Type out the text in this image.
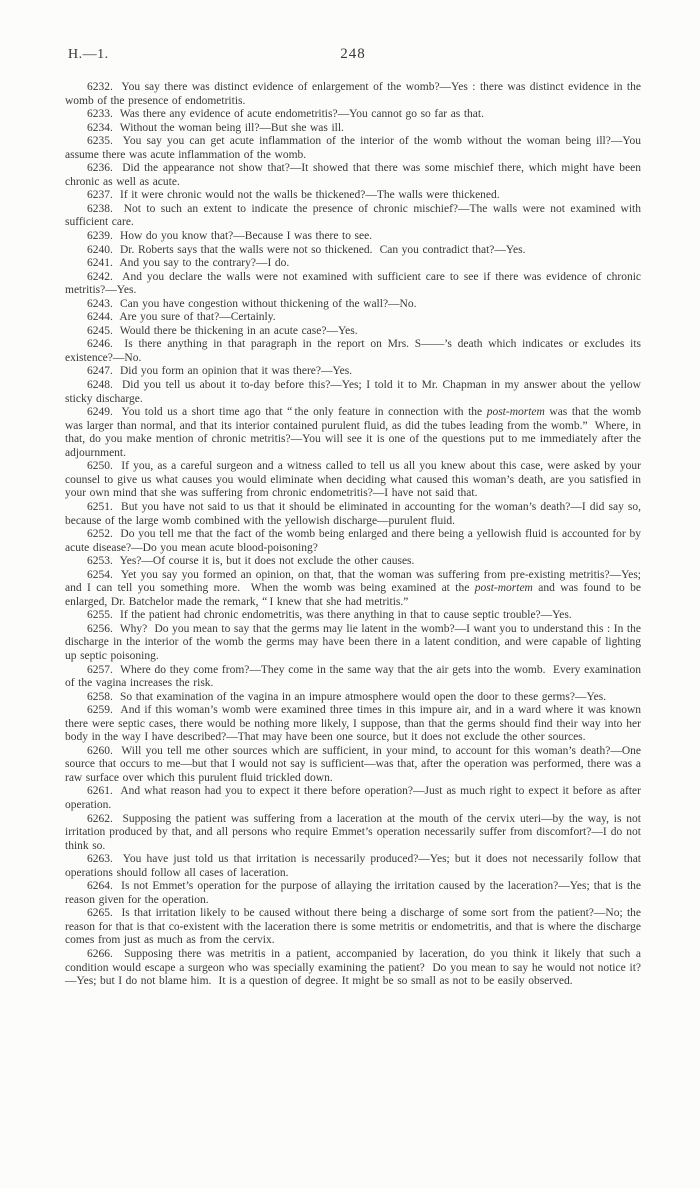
H.—1.	248

6232.  You say there was distinct evidence of enlargement of the womb?—Yes : there was distinct evidence in the womb of the presence of endometritis.

6233.  Was there any evidence of acute endometritis?—You cannot go so far as that.

6234.  Without the woman being ill?—But she was ill.

6235.  You say you can get acute inflammation of the interior of the womb without the woman being ill?—You assume there was acute inflammation of the womb.

6236.  Did the appearance not show that?—It showed that there was some mischief there, which might have been chronic as well as acute.

6237.  If it were chronic would not the walls be thickened?—The walls were thickened.

6238.  Not to such an extent to indicate the presence of chronic mischief?—The walls were not examined with sufficient care.

6239.  How do you know that?—Because I was there to see.

6240.  Dr. Roberts says that the walls were not so thickened.  Can you contradict that?—Yes.

6241.  And you say to the contrary?—I do.

6242.  And you declare the walls were not examined with sufficient care to see if there was evidence of chronic metritis?—Yes.

6243.  Can you have congestion without thickening of the wall?—No.

6244.  Are you sure of that?—Certainly.

6245.  Would there be thickening in an acute case?—Yes.

6246.  Is there anything in that paragraph in the report on Mrs. S——’s death which indicates or excludes its existence?—No.

6247.  Did you form an opinion that it was there?—Yes.

6248.  Did you tell us about it to-day before this?—Yes; I told it to Mr. Chapman in my answer about the yellow sticky discharge.

6249.  You told us a short time ago that “ the only feature in connection with the post-mortem was that the womb was larger than normal, and that its interior contained purulent fluid, as did the tubes leading from the womb.”  Where, in that, do you make mention of chronic metritis?—You will see it is one of the questions put to me immediately after the adjournment.

6250.  If you, as a careful surgeon and a witness called to tell us all you knew about this case, were asked by your counsel to give us what causes you would eliminate when deciding what caused this woman’s death, are you satisfied in your own mind that she was suffering from chronic endometritis?—I have not said that.

6251.  But you have not said to us that it should be eliminated in accounting for the woman’s death?—I did say so, because of the large womb combined with the yellowish discharge—purulent fluid.

6252.  Do you tell me that the fact of the womb being enlarged and there being a yellowish fluid is accounted for by acute disease?—Do you mean acute blood-poisoning?

6253.  Yes?—Of course it is, but it does not exclude the other causes.

6254.  Yet you say you formed an opinion, on that, that the woman was suffering from pre-existing metritis?—Yes; and I can tell you something more.  When the womb was being examined at the post-mortem and was found to be enlarged, Dr. Batchelor made the remark, “ I knew that she had metritis.”

6255.  If the patient had chronic endometritis, was there anything in that to cause septic trouble?—Yes.

6256.  Why?  Do you mean to say that the germs may lie latent in the womb?—I want you to understand this : In the discharge in the interior of the womb the germs may have been there in a latent condition, and were capable of lighting up septic poisoning.

6257.  Where do they come from?—They come in the same way that the air gets into the womb.  Every examination of the vagina increases the risk.

6258.  So that examination of the vagina in an impure atmosphere would open the door to these germs?—Yes.

6259.  And if this woman’s womb were examined three times in this impure air, and in a ward where it was known there were septic cases, there would be nothing more likely, I suppose, than that the germs should find their way into her body in the way I have described?—That may have been one source, but it does not exclude the other sources.

6260.  Will you tell me other sources which are sufficient, in your mind, to account for this woman’s death?—One source that occurs to me—but that I would not say is sufficient—was that, after the operation was performed, there was a raw surface over which this purulent fluid trickled down.

6261.  And what reason had you to expect it there before operation?—Just as much right to expect it before as after operation.

6262.  Supposing the patient was suffering from a laceration at the mouth of the cervix uteri—by the way, is not irritation produced by that, and all persons who require Emmet’s operation necessarily suffer from discomfort?—I do not think so.

6263.  You have just told us that irritation is necessarily produced?—Yes; but it does not necessarily follow that operations should follow all cases of laceration.

6264.  Is not Emmet’s operation for the purpose of allaying the irritation caused by the laceration?—Yes; that is the reason given for the operation.

6265.  Is that irritation likely to be caused without there being a discharge of some sort from the patient?—No; the reason for that is that co-existent with the laceration there is some metritis or endometritis, and that is where the discharge comes from just as much as from the cervix.

6266.  Supposing there was metritis in a patient, accompanied by laceration, do you think it likely that such a condition would escape a surgeon who was specially examining the patient?  Do you mean to say he would not notice it?—Yes; but I do not blame him.  It is a question of degree. It might be so small as not to be easily observed.
